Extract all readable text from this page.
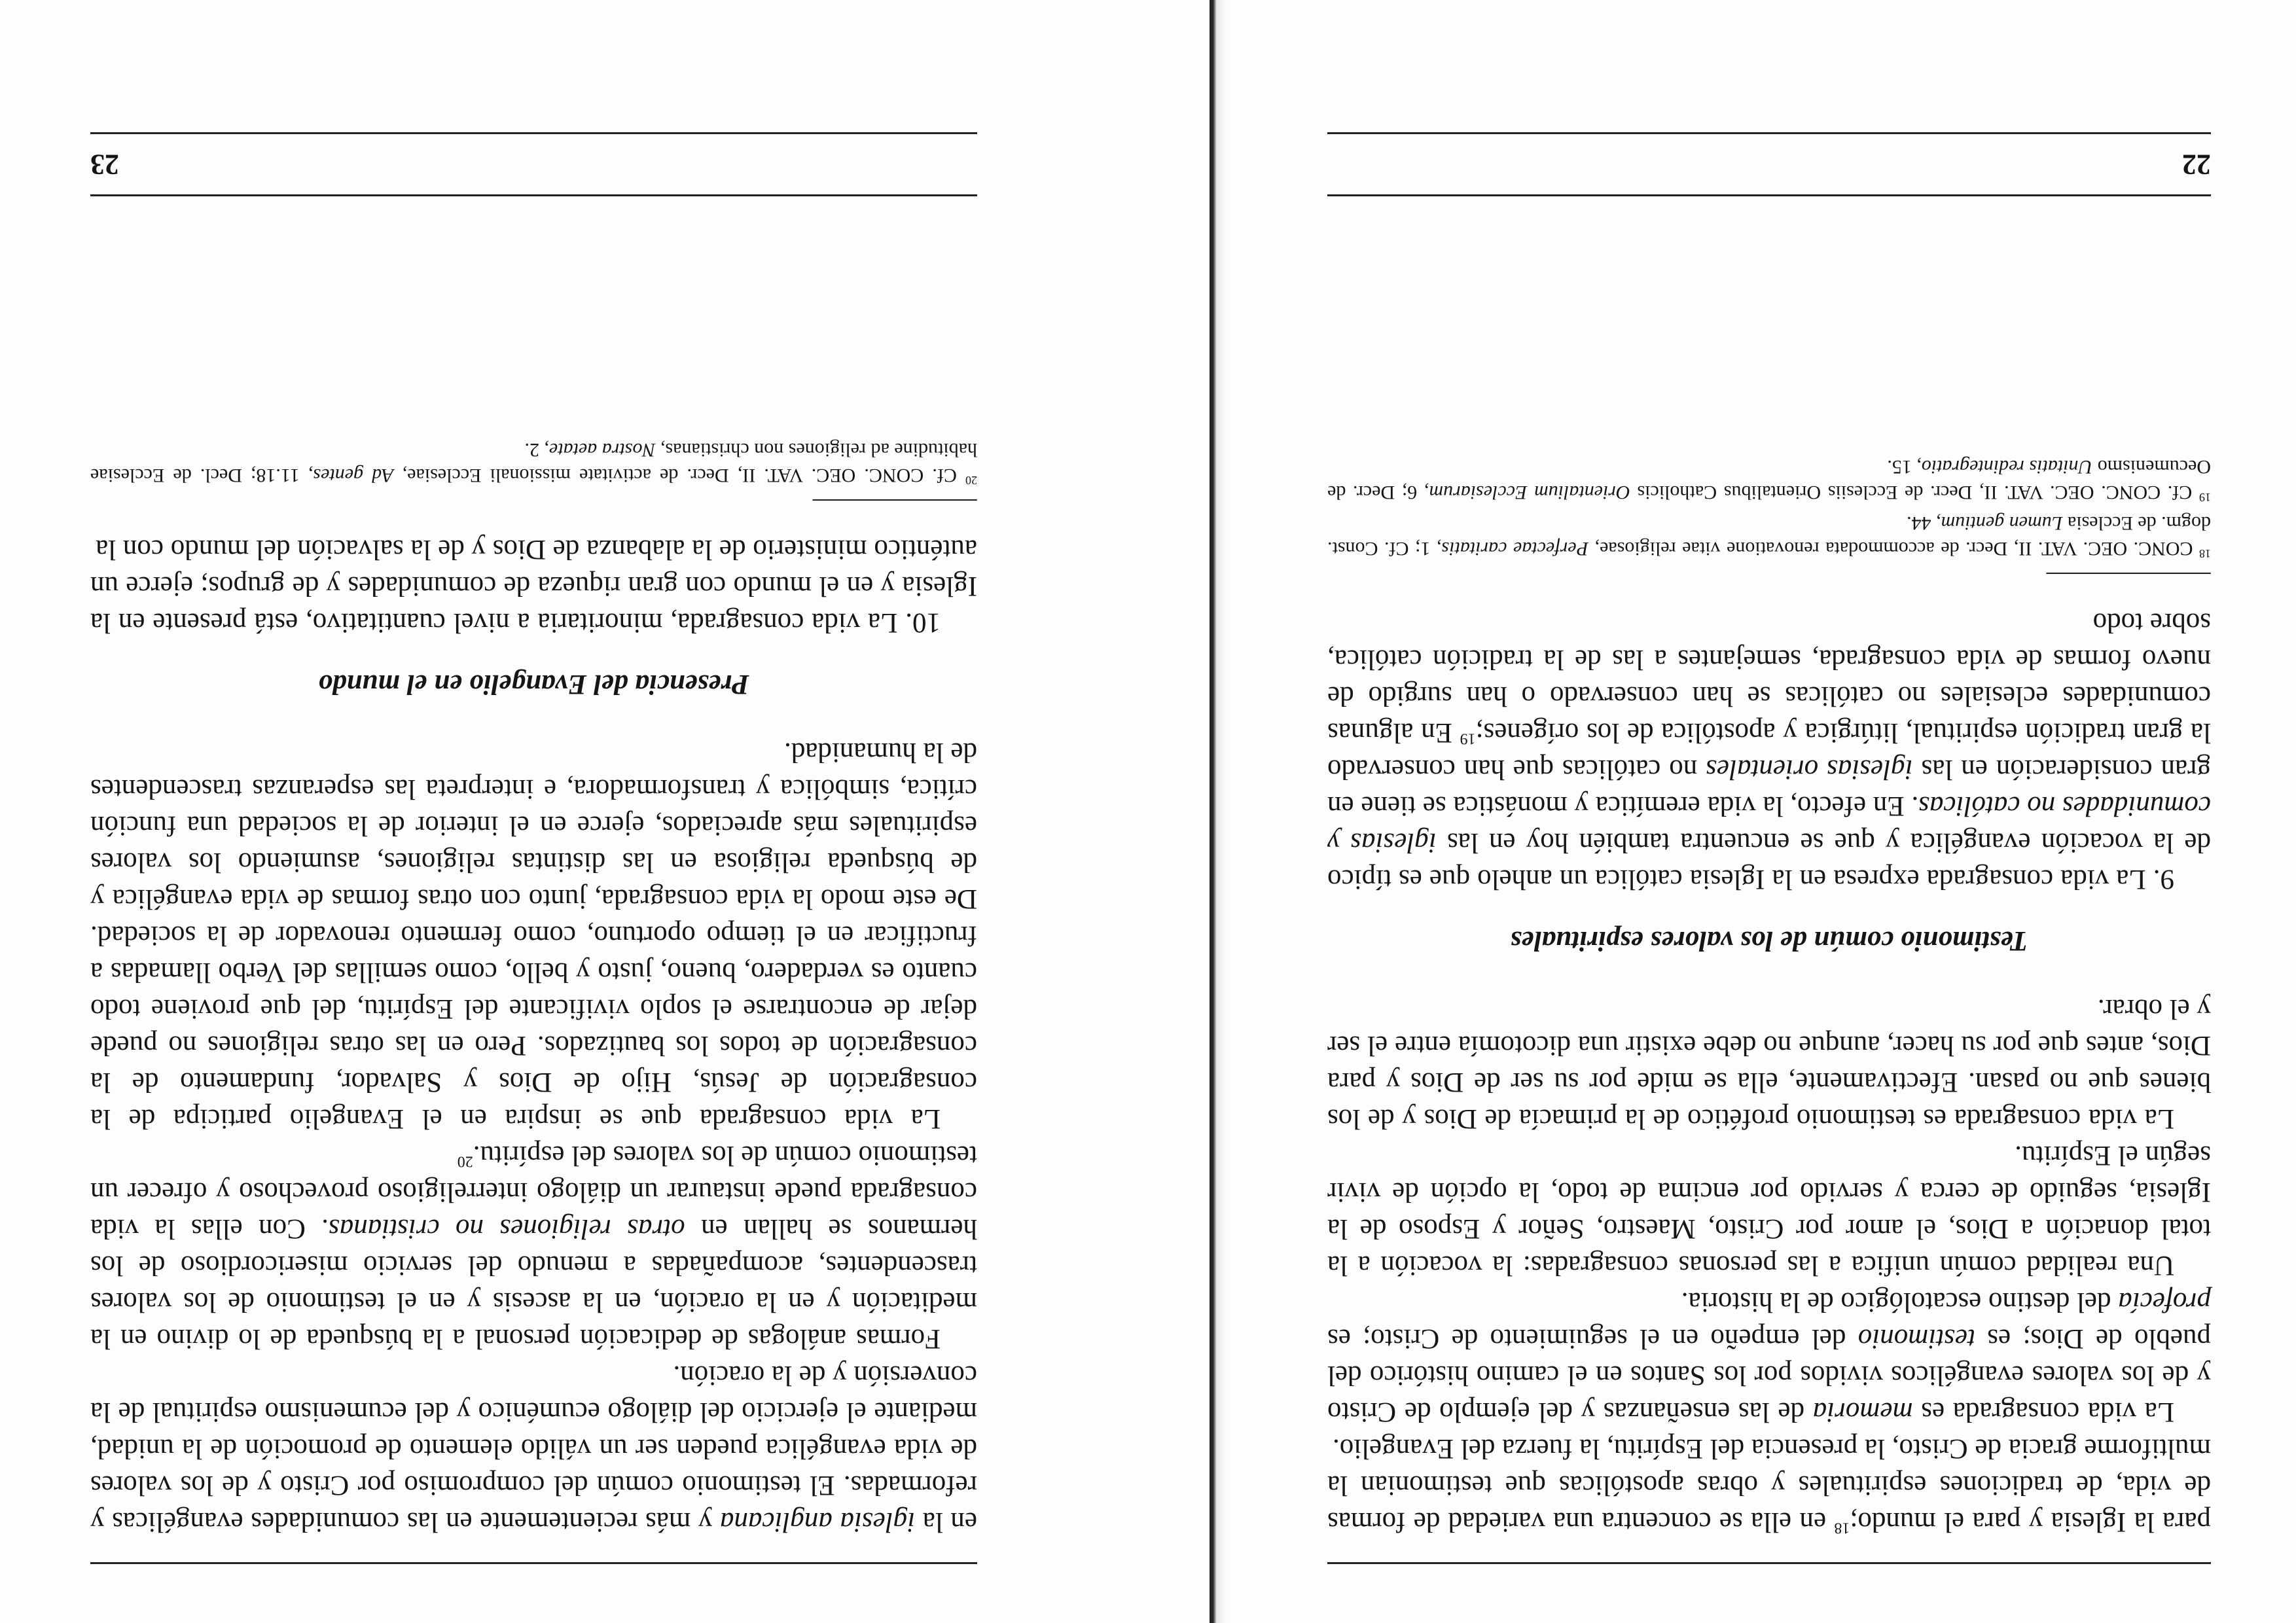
para la Iglesia y para el mundo;$^{18}$ en ella se concentra una variedad de formas de vida, de tradiciones espirituales y obras apostólicas que testimonian la multiforme gracia de Cristo, la presencia del Espíritu, la fuerza del Evangelio.

La vida consagrada es memoria de las enseñanzas y del ejemplo de Cristo y de los valores evangélicos vividos por los Santos en el camino histórico del pueblo de Dios; es testimonio del empeño en el seguimiento de Cristo; es profecía del destino escatológico de la historia.

Una realidad común unifica a las personas consagradas: la vocación a la total donación a Dios, el amor por Cristo, Maestro, Señor y Esposo de la Iglesia, seguido de cerca y servido por encima de todo, la opción de vivir según el Espíritu.

La vida consagrada es testimonio profético de la primacía de Dios y de los bienes que no pasan. Efectivamente, ella se mide por su ser de Dios y para Dios, antes que por su hacer, aunque no debe existir una dicotomía entre el ser y el obrar.

Testimonio común de los valores espirituales

9. La vida consagrada expresa en la Iglesia católica un anhelo que es típico de la vocación evangélica y que se encuentra también hoy en las iglesias y comunidades no católicas. En efecto, la vida eremítica y monástica se tiene en gran consideración en las iglesias orientales no católicas que han conservado la gran tradición espiritual, litúrgica y apostólica de los orígenes;$^{19}$ En algunas comunidades eclesiales no católicas se han conservado o han surgido de nuevo formas de vida consagrada, semejantes a las de la tradición católica, sobre todo

$^{18}$ CONC. OEC. VAT. II, Decr. de accommodata renovatione vitae religiosae, Perfectae caritatis, 1; Cf. Const. dogm. de Ecclesia Lumen gentium, 44.

$^{19}$ Cf. CONC. OEC. VAT. II, Decr. de Ecclesiis Orientalibus Catholicis Orientalium Ecclesiarum, 6; Decr. de Oecumenismo Unitatis redintegratio, 15.

22

en la iglesia anglicana y más recientemente en las comunidades evangélicas y reformadas. El testimonio común del compromiso por Cristo y de los valores de vida evangélica pueden ser un válido elemento de promoción de la unidad, mediante el ejercicio del diálogo ecuménico y del ecumenismo espiritual de la conversión y de la oración.

Formas análogas de dedicación personal a la búsqueda de lo divino en la meditación y en la oración, en la ascesis y en el testimonio de los valores trascendentes, acompañadas a menudo del servicio misericordioso de los hermanos se hallan en otras religiones no cristianas. Con ellas la vida consagrada puede instaurar un diálogo interreligioso provechoso y ofrecer un testimonio común de los valores del espíritu.$^{20}$

La vida consagrada que se inspira en el Evangelio participa de la consagración de Jesús, Hijo de Dios y Salvador, fundamento de la consagración de todos los bautizados. Pero en las otras religiones no puede dejar de encontrarse el soplo vivificante del Espíritu, del que proviene todo cuanto es verdadero, bueno, justo y bello, como semillas del Verbo llamadas a fructificar en el tiempo oportuno, como fermento renovador de la sociedad. De este modo la vida consagrada, junto con otras formas de vida evangélica y de búsqueda religiosa en las distintas religiones, asumiendo los valores espirituales más apreciados, ejerce en el interior de la sociedad una función crítica, simbólica y transformadora, e interpreta las esperanzas trascendentes de la humanidad.

Presencia del Evangelio en el mundo

10. La vida consagrada, minoritaria a nivel cuantitativo, está presente en la Iglesia y en el mundo con gran riqueza de comunidades y de grupos; ejerce un auténtico ministerio de la alabanza de Dios y de la salvación del mundo con la

$^{20}$ Cf. CONC. OEC. VAT. II, Decr. de activitate missionali Ecclesiae, Ad gentes, 11.18; Decl. de Ecclesiae habitudine ad religiones non christianas, Nostra aetate, 2.

23
